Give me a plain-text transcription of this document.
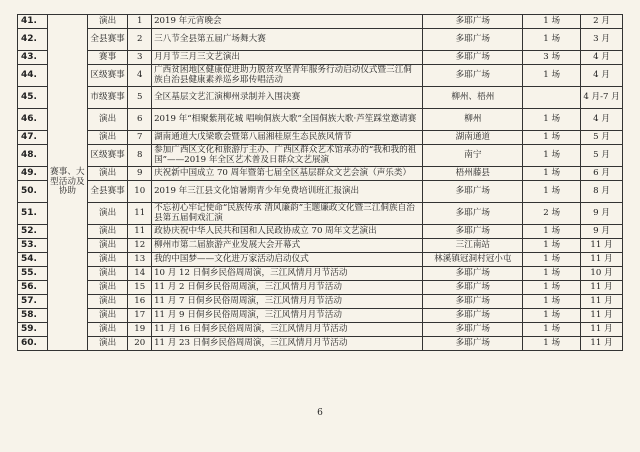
41.	赛事、大型活动及协助	演出	1	2019 年元宵晚会	多耶广场	1 场	2 月
42.		全县赛事	2	三八节全县第五届广场舞大赛	多耶广场	1 场	3 月
43.		赛事	3	月月节三月三文艺演出	多耶广场	3 场	4 月
44.		区级赛事	4	广西贫困地区健康促进助力脱贫攻坚青年服务行动启动仪式暨三江侗族自治县健康素养巡乡耶传唱活动	多耶广场	1 场	4 月
45.		市级赛事	5	全区基层文艺汇演柳州录制并入围决赛	柳州、梧州		4 月-7 月
46.		演出	6	2019 年“相聚紫荆花城 唱响侗族大歌”全国侗族大歌·芦笙踩堂邀请赛	柳州	1 场	4 月
47.		演出	7	湖南通道大戊梁歌会暨第八届湘桂原生态民族风情节	湖南通道	1 场	5 月
48.		区级赛事	8	参加广西区文化和旅游厅主办、广西区群众艺术馆承办的“我和我的祖国”——2019 年全区艺术普及日群众文艺展演	南宁	1 场	5 月
49.		演出	9	庆祝新中国成立 70 周年暨第七届全区基层群众文艺会演（声乐类）	梧州藤县	1 场	6 月
50.		全县赛事	10	2019 年三江县文化馆暑期青少年免费培训班汇报演出	多耶广场	1 场	8 月
51.		演出	11	不忘初心牢记使命“民族传承 清风廉韵”主题廉政文化暨三江侗族自治县第五届侗戏汇演	多耶广场	2 场	9 月
52.		演出	11	政协庆祝中华人民共和国和人民政协成立 70 周年文艺演出	多耶广场	1 场	9 月
53.		演出	12	柳州市第二届旅游产业发展大会开幕式	三江南站	1 场	11 月
54.		演出	13	我的中国梦——文化进万家活动启动仪式	林溪镇冠洞村冠小屯	1 场	11 月
55.		演出	14	10 月 12 日侗乡民俗周周演，三江风情月月节活动	多耶广场	1 场	10 月
56.		演出	15	11 月 2 日侗乡民俗周周演，三江风情月月节活动	多耶广场	1 场	11 月
57.		演出	16	11 月 7 日侗乡民俗周周演，三江风情月月节活动	多耶广场	1 场	11 月
58.		演出	17	11 月 9 日侗乡民俗周周演，三江风情月月节活动	多耶广场	1 场	11 月
59.		演出	19	11 月 16 日侗乡民俗周周演，三江风情月月节活动	多耶广场	1 场	11 月
60.		演出	20	11 月 23 日侗乡民俗周周演，三江风情月月节活动	多耶广场	1 场	11 月
6
